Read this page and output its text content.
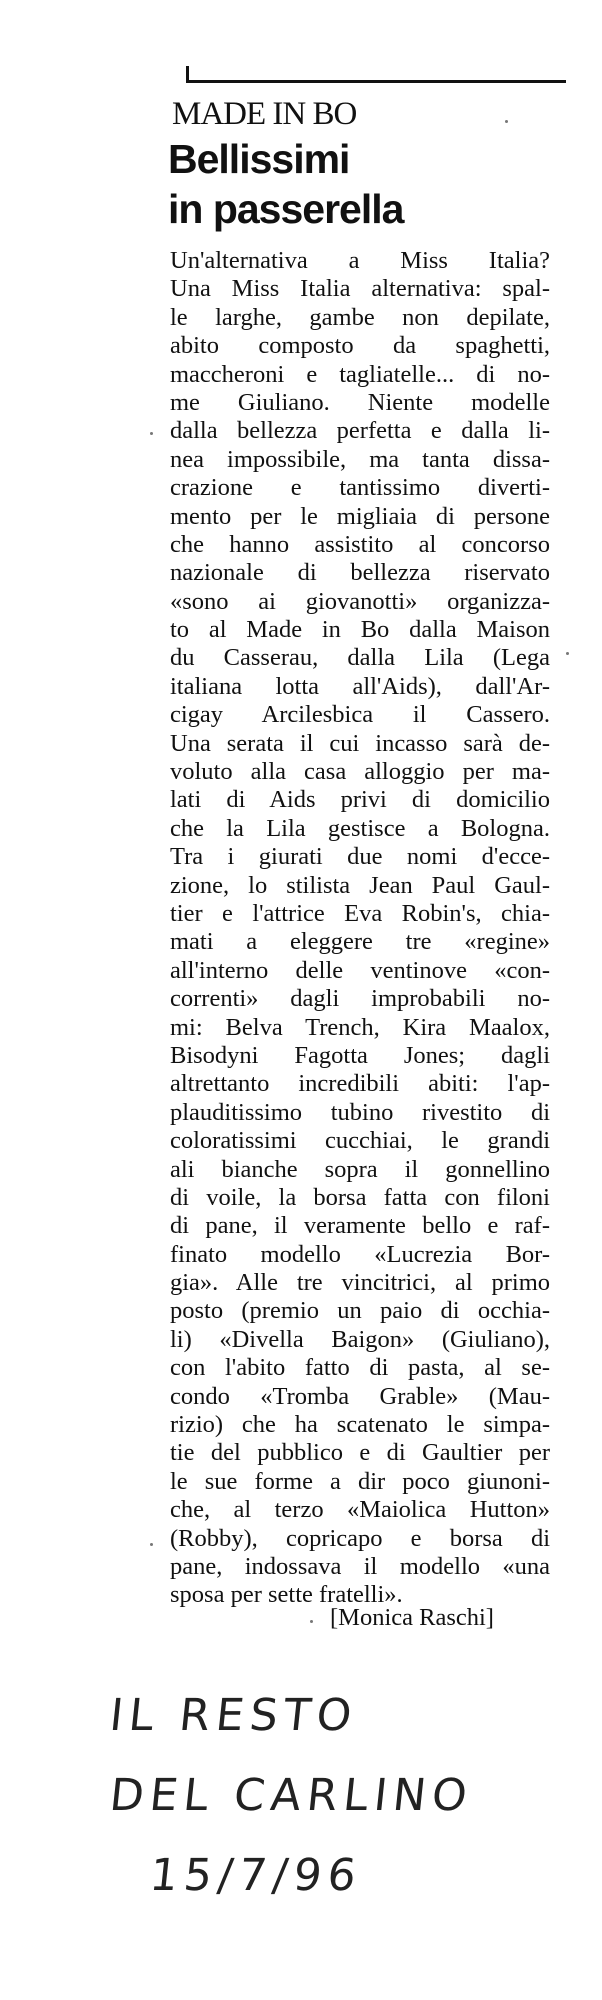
MADE IN BO
Bellissimi
in passerella
Un'alternativa a Miss Italia?
Una Miss Italia alternativa: spal-
le larghe, gambe non depilate,
abito composto da spaghetti,
maccheroni e tagliatelle... di no-
me Giuliano. Niente modelle
dalla bellezza perfetta e dalla li-
nea impossibile, ma tanta dissa-
crazione e tantissimo diverti-
mento per le migliaia di persone
che hanno assistito al concorso
nazionale di bellezza riservato
«sono ai giovanotti» organizza-
to al Made in Bo dalla Maison
du Casserau, dalla Lila (Lega
italiana lotta all'Aids), dall'Ar-
cigay Arcilesbica il Cassero.
Una serata il cui incasso sarà de-
voluto alla casa alloggio per ma-
lati di Aids privi di domicilio
che la Lila gestisce a Bologna.
Tra i giurati due nomi d'ecce-
zione, lo stilista Jean Paul Gaul-
tier e l'attrice Eva Robin's, chia-
mati a eleggere tre «regine»
all'interno delle ventinove «con-
correnti» dagli improbabili no-
mi: Belva Trench, Kira Maalox,
Bisodyni Fagotta Jones; dagli
altrettanto incredibili abiti: l'ap-
plauditissimo tubino rivestito di
coloratissimi cucchiai, le grandi
ali bianche sopra il gonnellino
di voile, la borsa fatta con filoni
di pane, il veramente bello e raf-
finato modello «Lucrezia Bor-
gia». Alle tre vincitrici, al primo
posto (premio un paio di occhia-
li) «Divella Baigon» (Giuliano),
con l'abito fatto di pasta, al se-
condo «Tromba Grable» (Mau-
rizio) che ha scatenato le simpa-
tie del pubblico e di Gaultier per
le sue forme a dir poco giunoni-
che, al terzo «Maiolica Hutton»
(Robby), copricapo e borsa di
pane, indossava il modello «una
sposa per sette fratelli».
[Monica Raschi]
IL RESTO
DEL CARLINO
15/7/96
